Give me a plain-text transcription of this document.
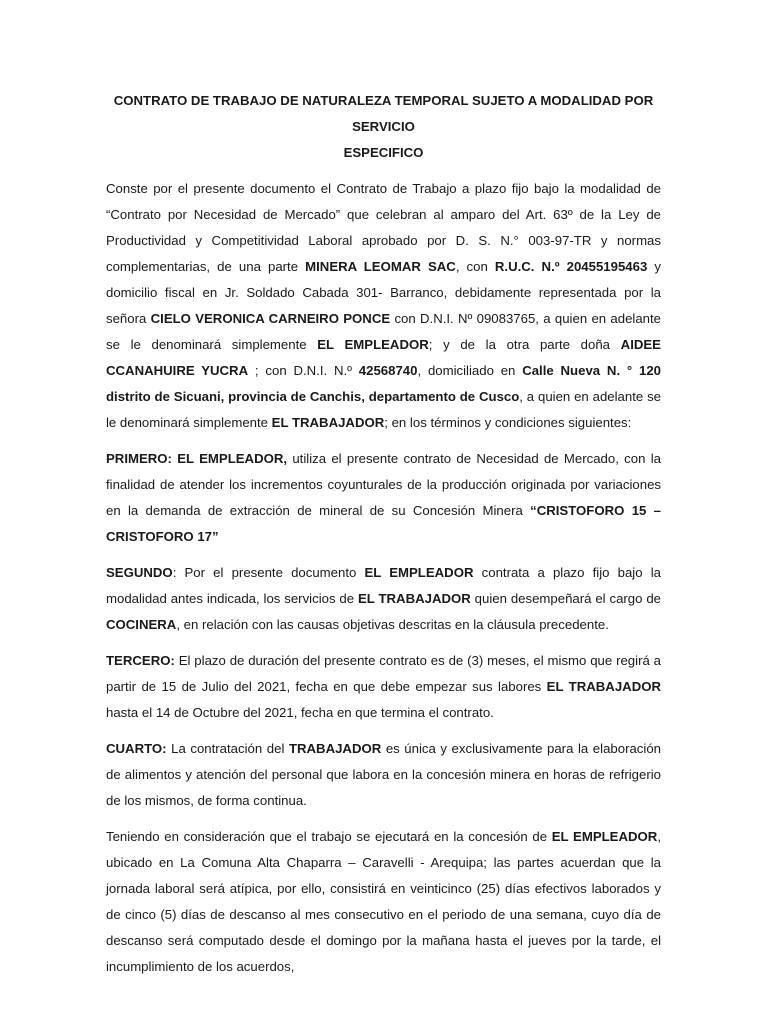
CONTRATO DE TRABAJO DE NATURALEZA TEMPORAL SUJETO A MODALIDAD POR SERVICIO
ESPECIFICO

Conste por el presente documento el Contrato de Trabajo a plazo fijo bajo la modalidad de “Contrato por Necesidad de Mercado” que celebran al amparo del Art. 63º de la Ley de Productividad y Competitividad Laboral aprobado por D. S. N.° 003-97-TR y normas complementarias, de una parte MINERA LEOMAR SAC, con R.U.C. N.º 20455195463 y domicilio fiscal en Jr. Soldado Cabada 301- Barranco, debidamente representada por la señora CIELO VERONICA CARNEIRO PONCE con D.N.I. Nº 09083765, a quien en adelante se le denominará simplemente EL EMPLEADOR; y de la otra parte doña AIDEE CCANAHUIRE YUCRA ; con D.N.I. N.º 42568740, domiciliado en Calle Nueva N. ° 120 distrito de Sicuani, provincia de Canchis, departamento de Cusco, a quien en adelante se le denominará simplemente EL TRABAJADOR; en los términos y condiciones siguientes:

PRIMERO: EL EMPLEADOR, utiliza el presente contrato de Necesidad de Mercado, con la finalidad de atender los incrementos coyunturales de la producción originada por variaciones en la demanda de extracción de mineral de su Concesión Minera “CRISTOFORO 15 – CRISTOFORO 17”

SEGUNDO: Por el presente documento EL EMPLEADOR contrata a plazo fijo bajo la modalidad antes indicada, los servicios de EL TRABAJADOR quien desempeñará el cargo de COCINERA, en relación con las causas objetivas descritas en la cláusula precedente.

TERCERO: El plazo de duración del presente contrato es de (3) meses, el mismo que regirá a partir de 15 de Julio del 2021, fecha en que debe empezar sus labores EL TRABAJADOR hasta el 14 de Octubre del 2021, fecha en que termina el contrato.

CUARTO: La contratación del TRABAJADOR es única y exclusivamente para la elaboración de alimentos y atención del personal que labora en la concesión minera en horas de refrigerio de los mismos, de forma continua.

Teniendo en consideración que el trabajo se ejecutará en la concesión de EL EMPLEADOR, ubicado en La Comuna Alta Chaparra – Caravelli - Arequipa; las partes acuerdan que la jornada laboral será atípica, por ello, consistirá en veinticinco (25) días efectivos laborados y de cinco (5) días de descanso al mes consecutivo en el periodo de una semana, cuyo día de descanso será computado desde el domingo por la mañana hasta el jueves por la tarde, el incumplimiento de los acuerdos,
